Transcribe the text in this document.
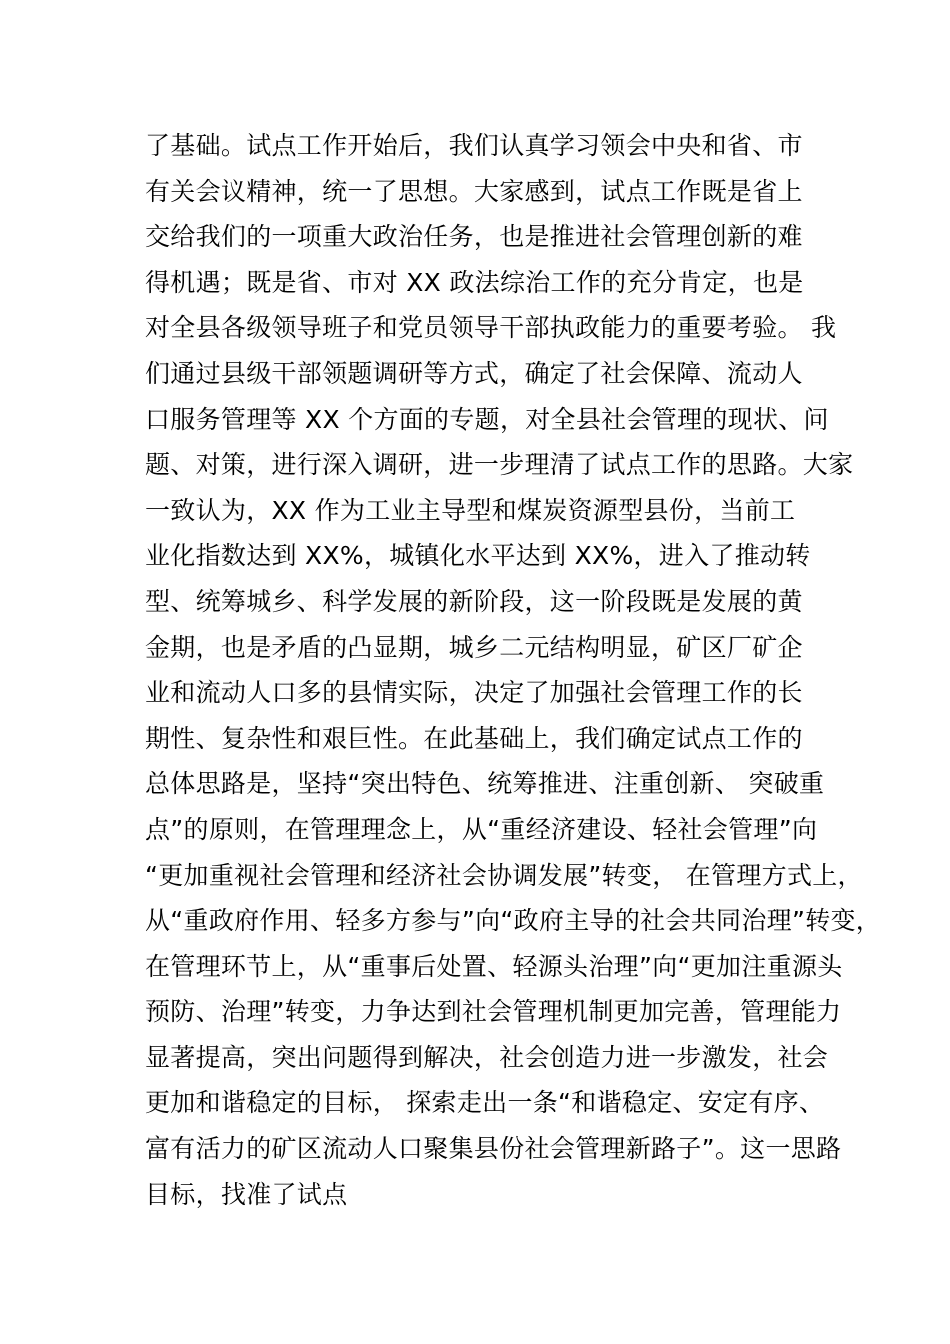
了基础。试点工作开始后，我们认真学习领会中央和省、市
有关会议精神，统一了思想。大家感到，试点工作既是省上
交给我们的一项重大政治任务，也是推进社会管理创新的难
得机遇；既是省、市对 XX 政法综治工作的充分肯定，也是
对全县各级领导班子和党员领导干部执政能力的重要考验。 我
们通过县级干部领题调研等方式，确定了社会保障、流动人
口服务管理等 XX 个方面的专题，对全县社会管理的现状、问
题、对策，进行深入调研，进一步理清了试点工作的思路。大家
一致认为，XX 作为工业主导型和煤炭资源型县份，当前工
业化指数达到 XX%，城镇化水平达到 XX%，进入了推动转
型、统筹城乡、科学发展的新阶段，这一阶段既是发展的黄
金期，也是矛盾的凸显期，城乡二元结构明显，矿区厂矿企
业和流动人口多的县情实际，决定了加强社会管理工作的长
期性、复杂性和艰巨性。在此基础上，我们确定试点工作的
总体思路是，坚持“突出特色、统筹推进、注重创新、 突破重
点”的原则，在管理理念上，从“重经济建设、轻社会管理”向
“更加重视社会管理和经济社会协调发展”转变， 在管理方式上，
从“重政府作用、轻多方参与”向“政府主导的社会共同治理”转变，
在管理环节上，从“重事后处置、轻源头治理”向“更加注重源头
预防、治理”转变，力争达到社会管理机制更加完善，管理能力
显著提高，突出问题得到解决，社会创造力进一步激发，社会
更加和谐稳定的目标， 探索走出一条“和谐稳定、安定有序、
富有活力的矿区流动人口聚集县份社会管理新路子”。这一思路
目标，找准了试点
